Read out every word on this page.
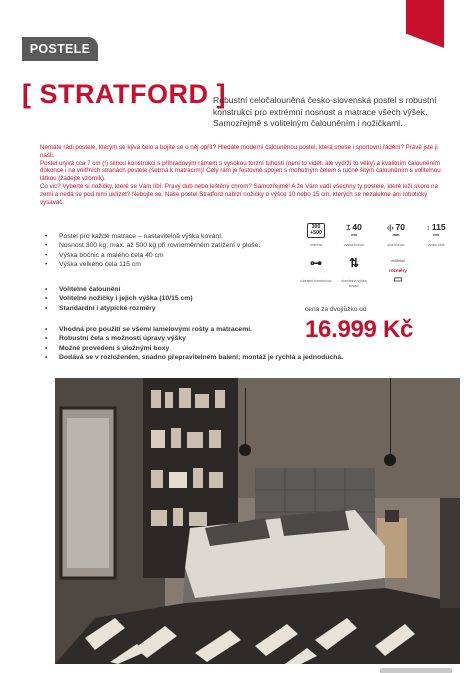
POSTELE
[ STRATFORD ]
Robustní celočalouněná česko-slovenská postel s robustní konstrukcí pro extrémní nosnost a matrace všech výšek. Samozřejmě s volitelným čalouněním i nožičkami.

Nemáte rádi postele, kterým se kývá čelo a bojíte se o něj opřít? Hledáte moderní čalouněnou postel, která snese i sportovní řádění? Právě jste ji našli.

Postel urývá cca 7 cm (!) silnou konstrukci s příhradovým rámem s vysokou torzní tuhostí (není to vidět, ale vydrží to věky) a kvalitním čalouněním dokonce i na vnitřních stranách postele (šetrná k matracím)! Celý rám je festovně spojen s mohutným čelem s ručně šitým čalouněním s volitelnou látkou (žádejte vzorník).

Co vic? Vyberte si nožičky, které se Vám líbí. Pravý dub nebo leštěný chrom? Samozřejmě! A že Vám vadí všechny ty postele, které leží skoro na zemi a nedá se pod nimi uklízet? Nebojte se. Naše postel Stratford nabízí nožičky o výšce 10 nebo 15 cm, kterých se nezalekne ani robotický vysavač.

• Postel pro každé matrace – nastavitelná výška kování.
• Nosnost 300 kg; max. až 500 kg při rovnoměrném zatížení v ploše.
• Výška bočnic a malého čela 40 cm
• Výška velkého čela 115 cm
• Volitelné čalounění
• Volitelné nožičky i jejich výška (10/15 cm)
• Standardní i atypické rozměry
• Vhodná pro použití se všemi lamelovými rošty a matracemi.
• Robustní čela s možností úpravy výšky
• Možné provedení s úložnými boxy
• Dodává se v rozloženém, snadno přepravitelném balení; montáž je rychlá a jednoduchá.
300
+500
nosnost
⌶ 40
cm
výška bočnic
‹|› 70
mm
síla bočnic
↕ 115
cm
výška čela
⊶
robustní konstrukce
⇅
stavitelná výška kování
volitelné
rozměry
▭
cena za dvojlůžko od
16.999 Kč
